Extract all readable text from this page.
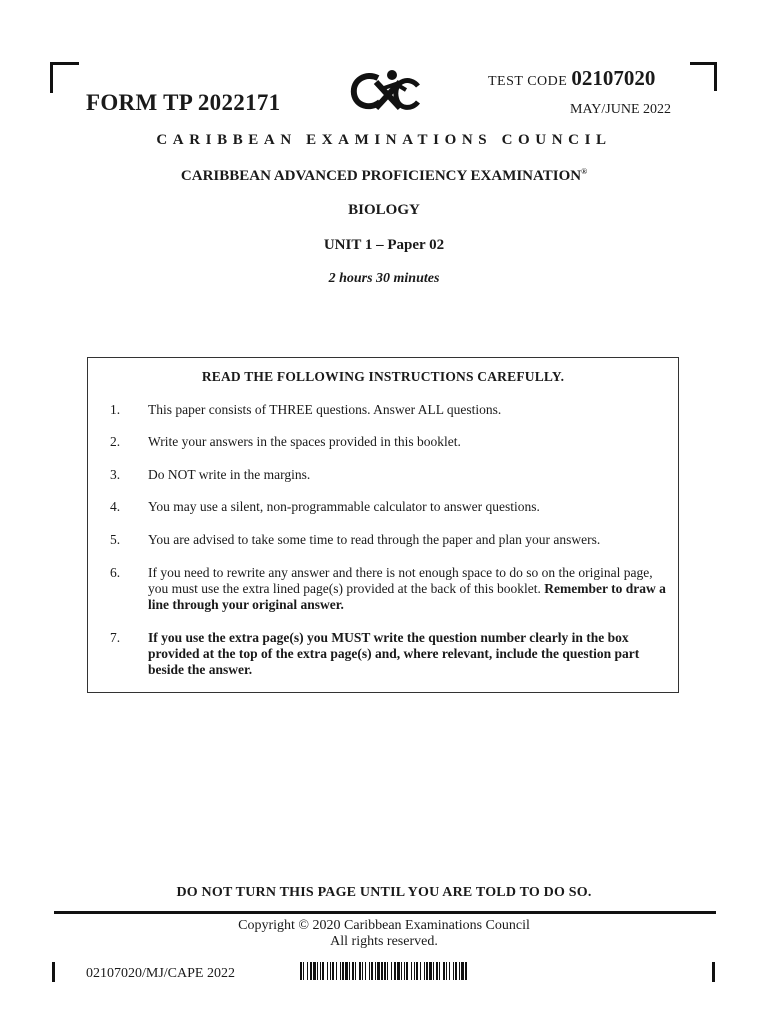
FORM TP 2022171
TEST CODE 02107020
MAY/JUNE 2022
CARIBBEAN EXAMINATIONS COUNCIL
CARIBBEAN ADVANCED PROFICIENCY EXAMINATION®
BIOLOGY
UNIT 1 – Paper 02
2 hours 30 minutes
READ THE FOLLOWING INSTRUCTIONS CAREFULLY.
1.	This paper consists of THREE questions. Answer ALL questions.
2.	Write your answers in the spaces provided in this booklet.
3.	Do NOT write in the margins.
4.	You may use a silent, non-programmable calculator to answer questions.
5.	You are advised to take some time to read through the paper and plan your answers.
6.	If you need to rewrite any answer and there is not enough space to do so on the original page, you must use the extra lined page(s) provided at the back of this booklet. Remember to draw a line through your original answer.
7.	If you use the extra page(s) you MUST write the question number clearly in the box provided at the top of the extra page(s) and, where relevant, include the question part beside the answer.
DO NOT TURN THIS PAGE UNTIL YOU ARE TOLD TO DO SO.
Copyright © 2020 Caribbean Examinations Council
All rights reserved.
02107020/MJ/CAPE 2022
